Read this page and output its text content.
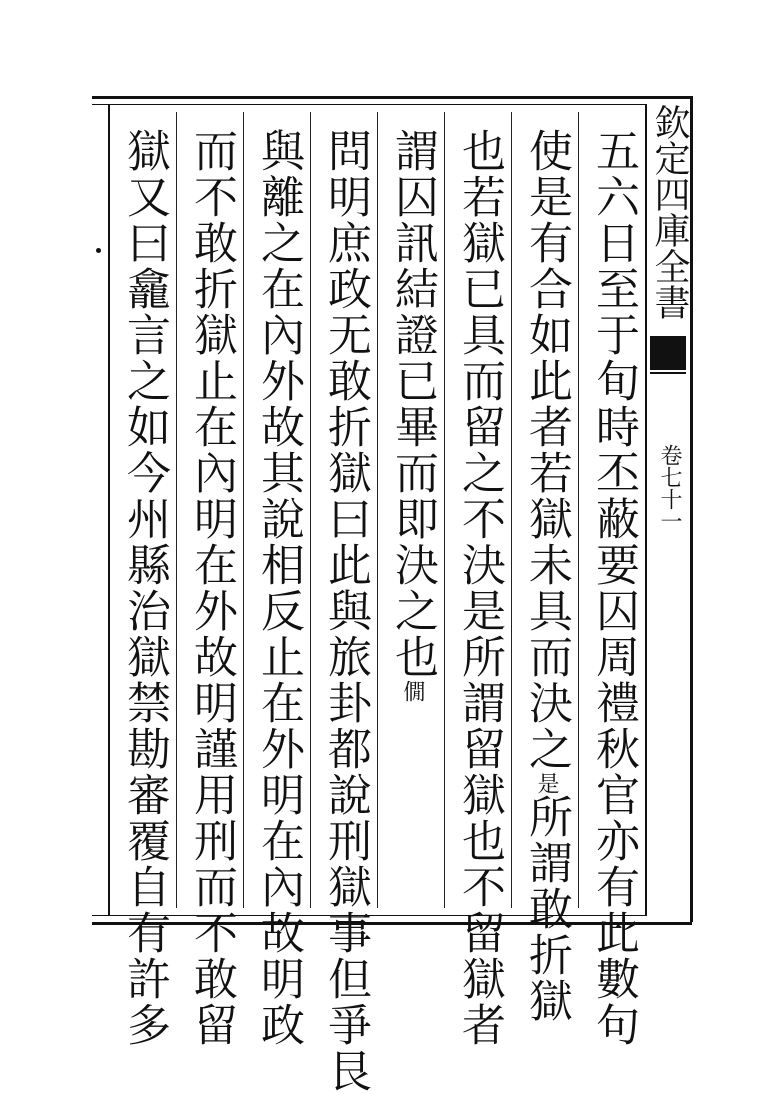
欽定四庫全書
卷七十一
五六日至于旬時丕蔽要囚周禮秋官亦有此數句
使是有合如此者若獄未具而決之是所謂敢折獄
也若獄已具而留之不決是所謂留獄也不留獄者
謂囚訊結證已畢而即決之也僩
問明庶政无敢折獄曰此與旅卦都說刑獄事但爭艮
與離之在內外故其說相反止在外明在內故明政
而不敢折獄止在內明在外故明謹用刑而不敢留
獄又曰龕言之如今州縣治獄禁勘審覆自有許多
